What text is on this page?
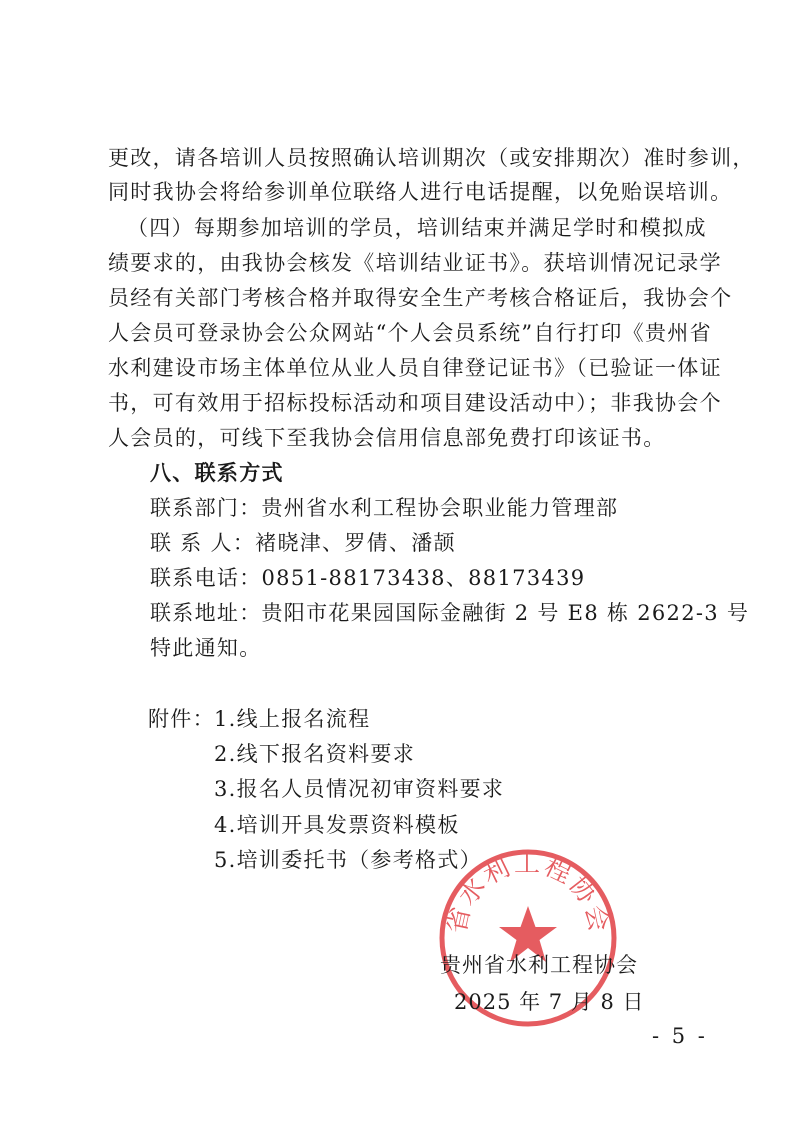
更改，请各培训人员按照确认培训期次（或安排期次）准时参训，
同时我协会将给参训单位联络人进行电话提醒，以免贻误培训。
（四）每期参加培训的学员，培训结束并满足学时和模拟成
绩要求的，由我协会核发《培训结业证书》。获培训情况记录学
员经有关部门考核合格并取得安全生产考核合格证后，我协会个
人会员可登录协会公众网站“个人会员系统”自行打印《贵州省
水利建设市场主体单位从业人员自律登记证书》（已验证一体证
书，可有效用于招标投标活动和项目建设活动中）；非我协会个
人会员的，可线下至我协会信用信息部免费打印该证书。
八、联系方式
联系部门：贵州省水利工程协会职业能力管理部
联 系 人：褚晓津、罗倩、潘颉
联系电话：0851-88173438、88173439
联系地址：贵阳市花果园国际金融街 2 号 E8 栋 2622-3 号
特此通知。
附件： 1.线上报名流程
2.线下报名资料要求
3.报名人员情况初审资料要求
4.培训开具发票资料模板
5.培训委托书（参考格式）
省水利工程协会
贵州省水利工程协会
2025 年 7 月 8 日
- 5 -
